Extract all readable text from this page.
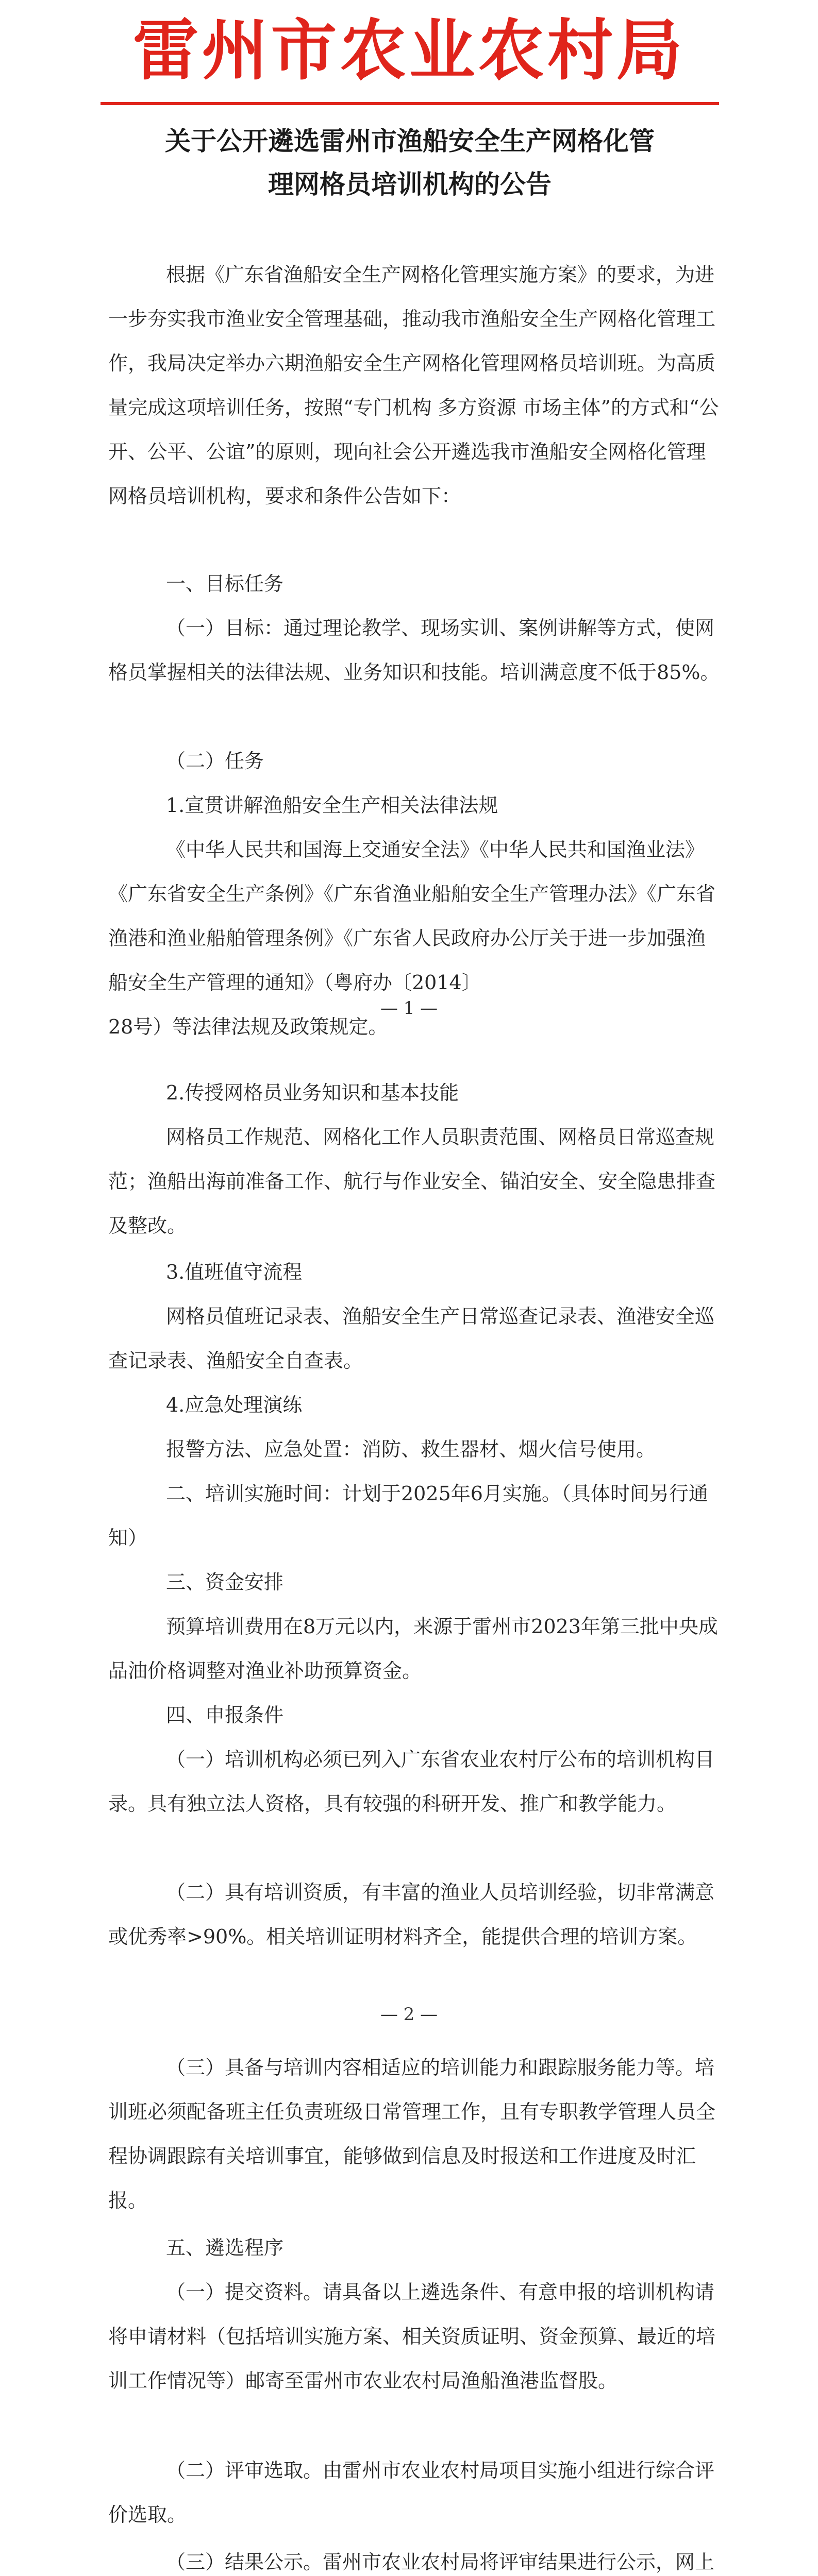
雷州市农业农村局
关于公开遴选雷州市渔船安全生产网格化管
理网格员培训机构的公告
根据《广东省渔船安全生产网格化管理实施方案》的要求，为进一步夯实我市渔业安全管理基础，推动我市渔船安全生产网格化管理工作，我局决定举办六期渔船安全生产网格化管理网格员培训班。为高质量完成这项培训任务，按照“专门机构 多方资源 市场主体”的方式和“公开、公平、公谊”的原则，现向社会公开遴选我市渔船安全网格化管理网格员培训机构，要求和条件公告如下：
一、目标任务
（一）目标：通过理论教学、现场实训、案例讲解等方式，使网格员掌握相关的法律法规、业务知识和技能。培训满意度不低于85%。
（二）任务
1.宣贯讲解渔船安全生产相关法律法规
《中华人民共和国海上交通安全法》《中华人民共和国渔业法》《广东省安全生产条例》《广东省渔业船舶安全生产管理办法》《广东省渔港和渔业船舶管理条例》《广东省人民政府办公厅关于进一步加强渔船安全生产管理的通知》（粤府办〔2014〕
28号）等法律法规及政策规定。
— 1 —
2.传授网格员业务知识和基本技能
网格员工作规范、网格化工作人员职责范围、网格员日常巡查规范；渔船出海前准备工作、航行与作业安全、锚泊安全、安全隐患排查及整改。
3.值班值守流程
网格员值班记录表、渔船安全生产日常巡查记录表、渔港安全巡查记录表、渔船安全自查表。
4.应急处理演练
报警方法、应急处置：消防、救生器材、烟火信号使用。
二、培训实施时间：计划于2025年6月实施。（具体时间另行通知）
三、资金安排
预算培训费用在8万元以内，来源于雷州市2023年第三批中央成品油价格调整对渔业补助预算资金。
四、申报条件
（一）培训机构必须已列入广东省农业农村厅公布的培训机构目录。具有独立法人资格，具有较强的科研开发、推广和教学能力。
（二）具有培训资质，有丰富的渔业人员培训经验，切非常满意或优秀率>90%。相关培训证明材料齐全，能提供合理的培训方案。
— 2 —
（三）具备与培训内容相适应的培训能力和跟踪服务能力等。培训班必须配备班主任负责班级日常管理工作，且有专职教学管理人员全程协调跟踪有关培训事宜，能够做到信息及时报送和工作进度及时汇报。
五、遴选程序
（一）提交资料。请具备以上遴选条件、有意申报的培训机构请将申请材料（包括培训实施方案、相关资质证明、资金预算、最近的培训工作情况等）邮寄至雷州市农业农村局渔船渔港监督股。
（二）评审选取。由雷州市农业农村局项目实施小组进行综合评价选取。
（三）结果公示。雷州市农业农村局将评审结果进行公示，网上
